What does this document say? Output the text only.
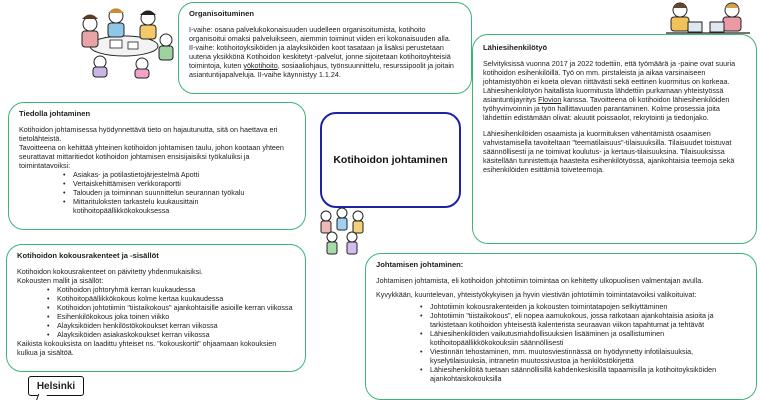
Organisoituminen

I-vaihe: osana palvelukokonaisuuden uudelleen organisoitumista, kotihoito organisoitui omaksi palveluikseen, aiemmin toiminut viiden eri kokonaisuuden alla.

II-vaihe: kotihoitoyksiköiden ja alayksiköiden koot tasataan ja lisäksi perustetaan uutena yksikkönä Kotihoidon keskitetyt -palvelut, jonne sijoitetaan kotihoitoyhteisiä toimintoja, kuten yökotihoito, sosiaaliohjaus, työnsuunnittelu, resurssipoolit ja joitain asiantuntijapalveluja. II-vaihe käynnistyy 1.1.24.

Tiedolla johtaminen

Kotihoidon johtamisessa hyödynnettävä tieto on hajautunutta, sitä on haettava eri tietolähteistä.

Tavoitteena on kehittää yhteinen kotihoidon johtamisen taulu, johon kootaan yhteen seurattavat mittaritiedot kotihoidon johtamisen ensisijaisiksi työkaluiksi ja toimintatavoiksi:

• Asiakas- ja potilastietojärjestelmä Apotti
• Vertaiskehittämisen verkkoraportti
• Talouden ja toiminnan suunnittelun seurannan työkalu
• Mittarituloksten tarkastelu kuukausittain kotihoitopäällikkökokouksessa
Kotihoidon kokousrakenteet ja -sisällöt

Kotihoidon kokousrakenteet on päivitetty yhdenmukaisiksi.

Kokousten mallit ja sisällöt:

• Kotihoidon johtoryhmä kerran kuukaudessa
• Kotihoitopäällikkökokous kolme kertaa kuukaudessa
• Kotihoidon johtotiimin "tiistaikokous" ajankohtaisille asioille kerran viikossa
• Esihenkilökokous joka toinen viikko
• Alayksiköiden henkilöstökokoukset kerran viikossa
• Alayksiköiden asiakaskokoukset kerran viikossa

Kaikista kokouksista on laadittu yhteiset ns. "kokouskortit" ohjaamaan kokouksien kulkua ja sisältöä.

Lähiesihenkilötyö

Selvityksissä vuonna 2017 ja 2022 todettiin, että työmäärä ja -paine ovat suuria kotihoidon esihenkilöillä. Työ on mm. pirstaleista ja aikaa varsinaiseen johtamistyöhön ei koeta olevan riittävästi sekä eettinen kuormitus on korkeaa. Lähiesihenkilötyön haitallista kuormitusta lähdettiin purkamaan yhteistyössä asiantuntijayritys Flovion kanssa. Tavoitteena oli kotihoidon lähiesihenkilöiden työhyvinvoinnin ja työn hallittavuuden parantaminen. Kolme prosessia joita lähdettiin edistämään olivat: akuutit poissaolot, rekrytointi ja tiedonjako.

Lähiesihenkilöiden osaamista ja kuormituksen vähentämistä osaamisen vahvistamisella tavoiteltaan "teematilaisuus"-tilaisuuksilla. Tilaisuudet toistuvat säännöllisesti ja ne toimivat koulutus- ja kertaus-tilaisuuksina. Tilaisuuksissa käsitellään tunnistettuja haasteita esihenkilötyössä, ajankohtaisia teemoja sekä esihenkilöiden esittämiä toiveteemoja.

Johtamisen johtaminen:

Johtamisen johtamista, eli kotihoidon johtotiimin toimintaa on kehitetty ulkopuolisen valmentajan avulla.

Kyvykkään, kuuntelevan, yhteistyökykyisen ja hyvin viestivän johtotiimin toimintatavoiksi valikoituivat:

• Johtotiimin kokousrakenteiden ja kokousten toimintatapojen selkiyttäminen
• Johtotiimin "tiistaikokous", eli nopea aamukokous, jossa ratkotaan ajankohtaisia asioita ja tarkistetaan kotihoidon yhteisestä kalenterista seuraavan viikon tapahtumat ja tehtävät
• Lähiesihenkilöiden vaikutusmahdollisuuksien lisääminen ja osallistuminen kotihoitopäällikkökokouksiin säännöllisesti
• Viestinnän tehostaminen, mm. muutosviestinnässä on hyödynnetty infotilaisuuksia, kyselytilaisuuksia, intranetin muutossivustoa ja henkilöstökirjettä
• Lähiesihenkilöitä tuetaan säännöllisillä kahdenkeskisillä tapaamisilla ja kotihoitoyksiköiden ajankohtaiskokouksilla
Kotihoidon johtaminen
Helsinki
